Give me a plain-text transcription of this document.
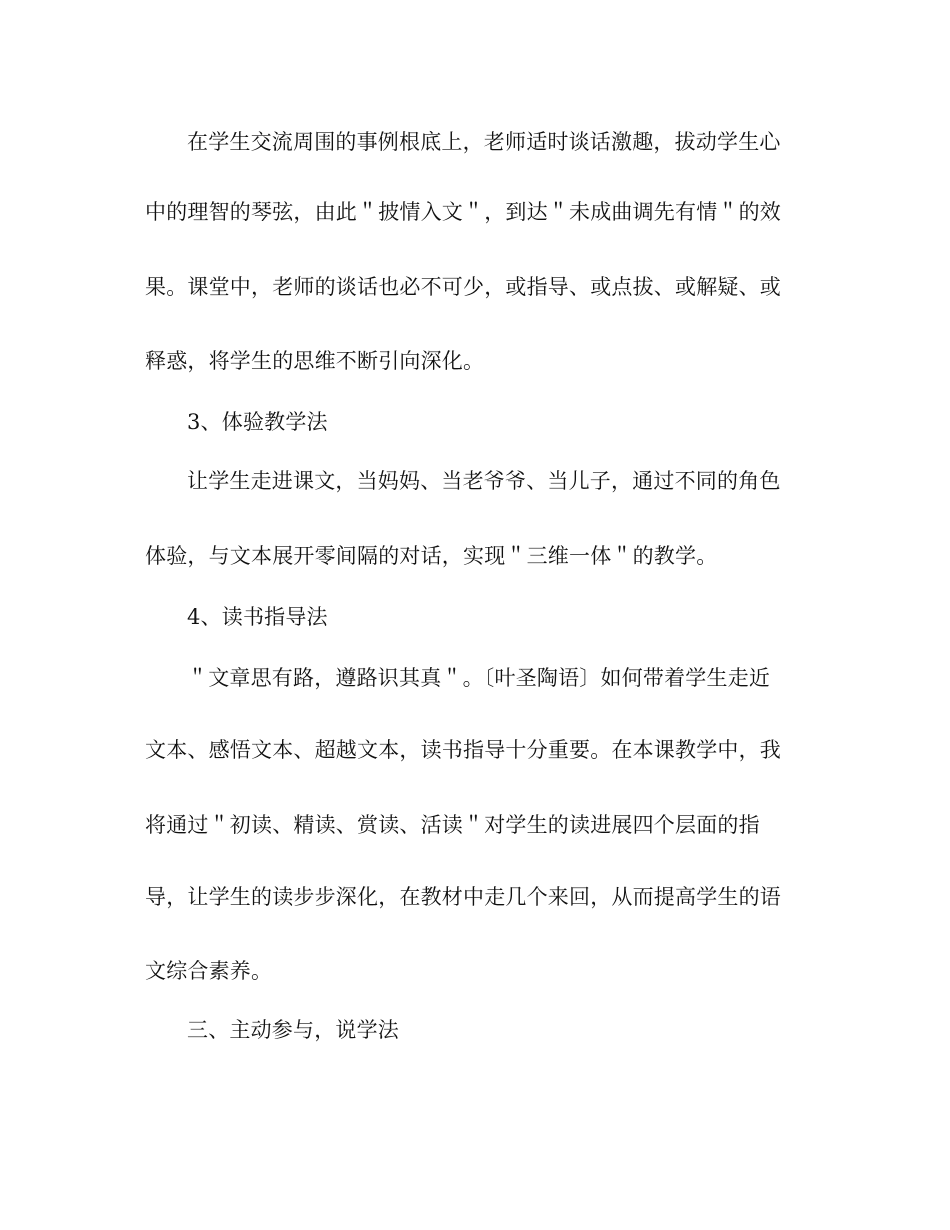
在学生交流周围的事例根底上，老师适时谈话激趣，拔动学生心
中的理智的琴弦，由此＂披情入文＂，到达＂未成曲调先有情＂的效
果。课堂中，老师的谈话也必不可少，或指导、或点拔、或解疑、或
释惑，将学生的思维不断引向深化。
3、体验教学法
让学生走进课文，当妈妈、当老爷爷、当儿子，通过不同的角色
体验，与文本展开零间隔的对话，实现＂三维一体＂的教学。
4、读书指导法
＂文章思有路，遵路识其真＂。〔叶圣陶语〕如何带着学生走近
文本、感悟文本、超越文本，读书指导十分重要。在本课教学中，我
将通过＂初读、精读、赏读、活读＂对学生的读进展四个层面的指
导，让学生的读步步深化，在教材中走几个来回，从而提高学生的语
文综合素养。
三、主动参与，说学法
